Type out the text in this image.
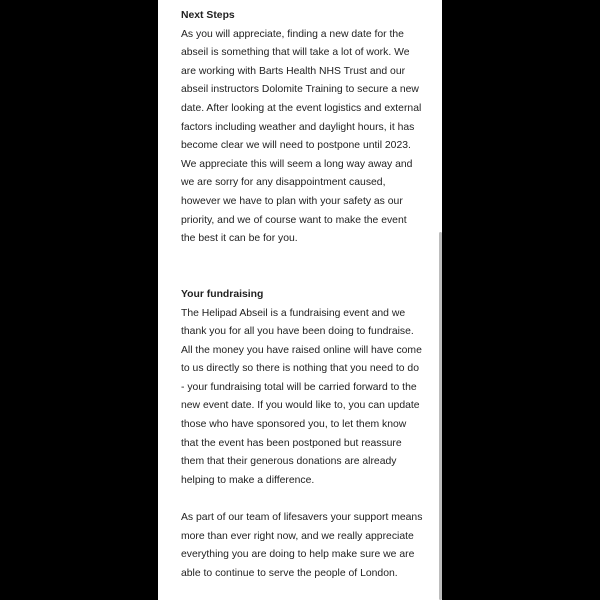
Next Steps

As you will appreciate, finding a new date for the abseil is something that will take a lot of work. We are working with Barts Health NHS Trust and our abseil instructors Dolomite Training to secure a new date. After looking at the event logistics and external factors including weather and daylight hours, it has become clear we will need to postpone until 2023. We appreciate this will seem a long way away and we are sorry for any disappointment caused, however we have to plan with your safety as our priority, and we of course want to make the event the best it can be for you.

Your fundraising

The Helipad Abseil is a fundraising event and we thank you for all you have been doing to fundraise. All the money you have raised online will have come to us directly so there is nothing that you need to do - your fundraising total will be carried forward to the new event date. If you would like to, you can update those who have sponsored you, to let them know that the event has been postponed but reassure them that their generous donations are already helping to make a difference.

As part of our team of lifesavers your support means more than ever right now, and we really appreciate everything you are doing to help make sure we are able to continue to serve the people of London.
